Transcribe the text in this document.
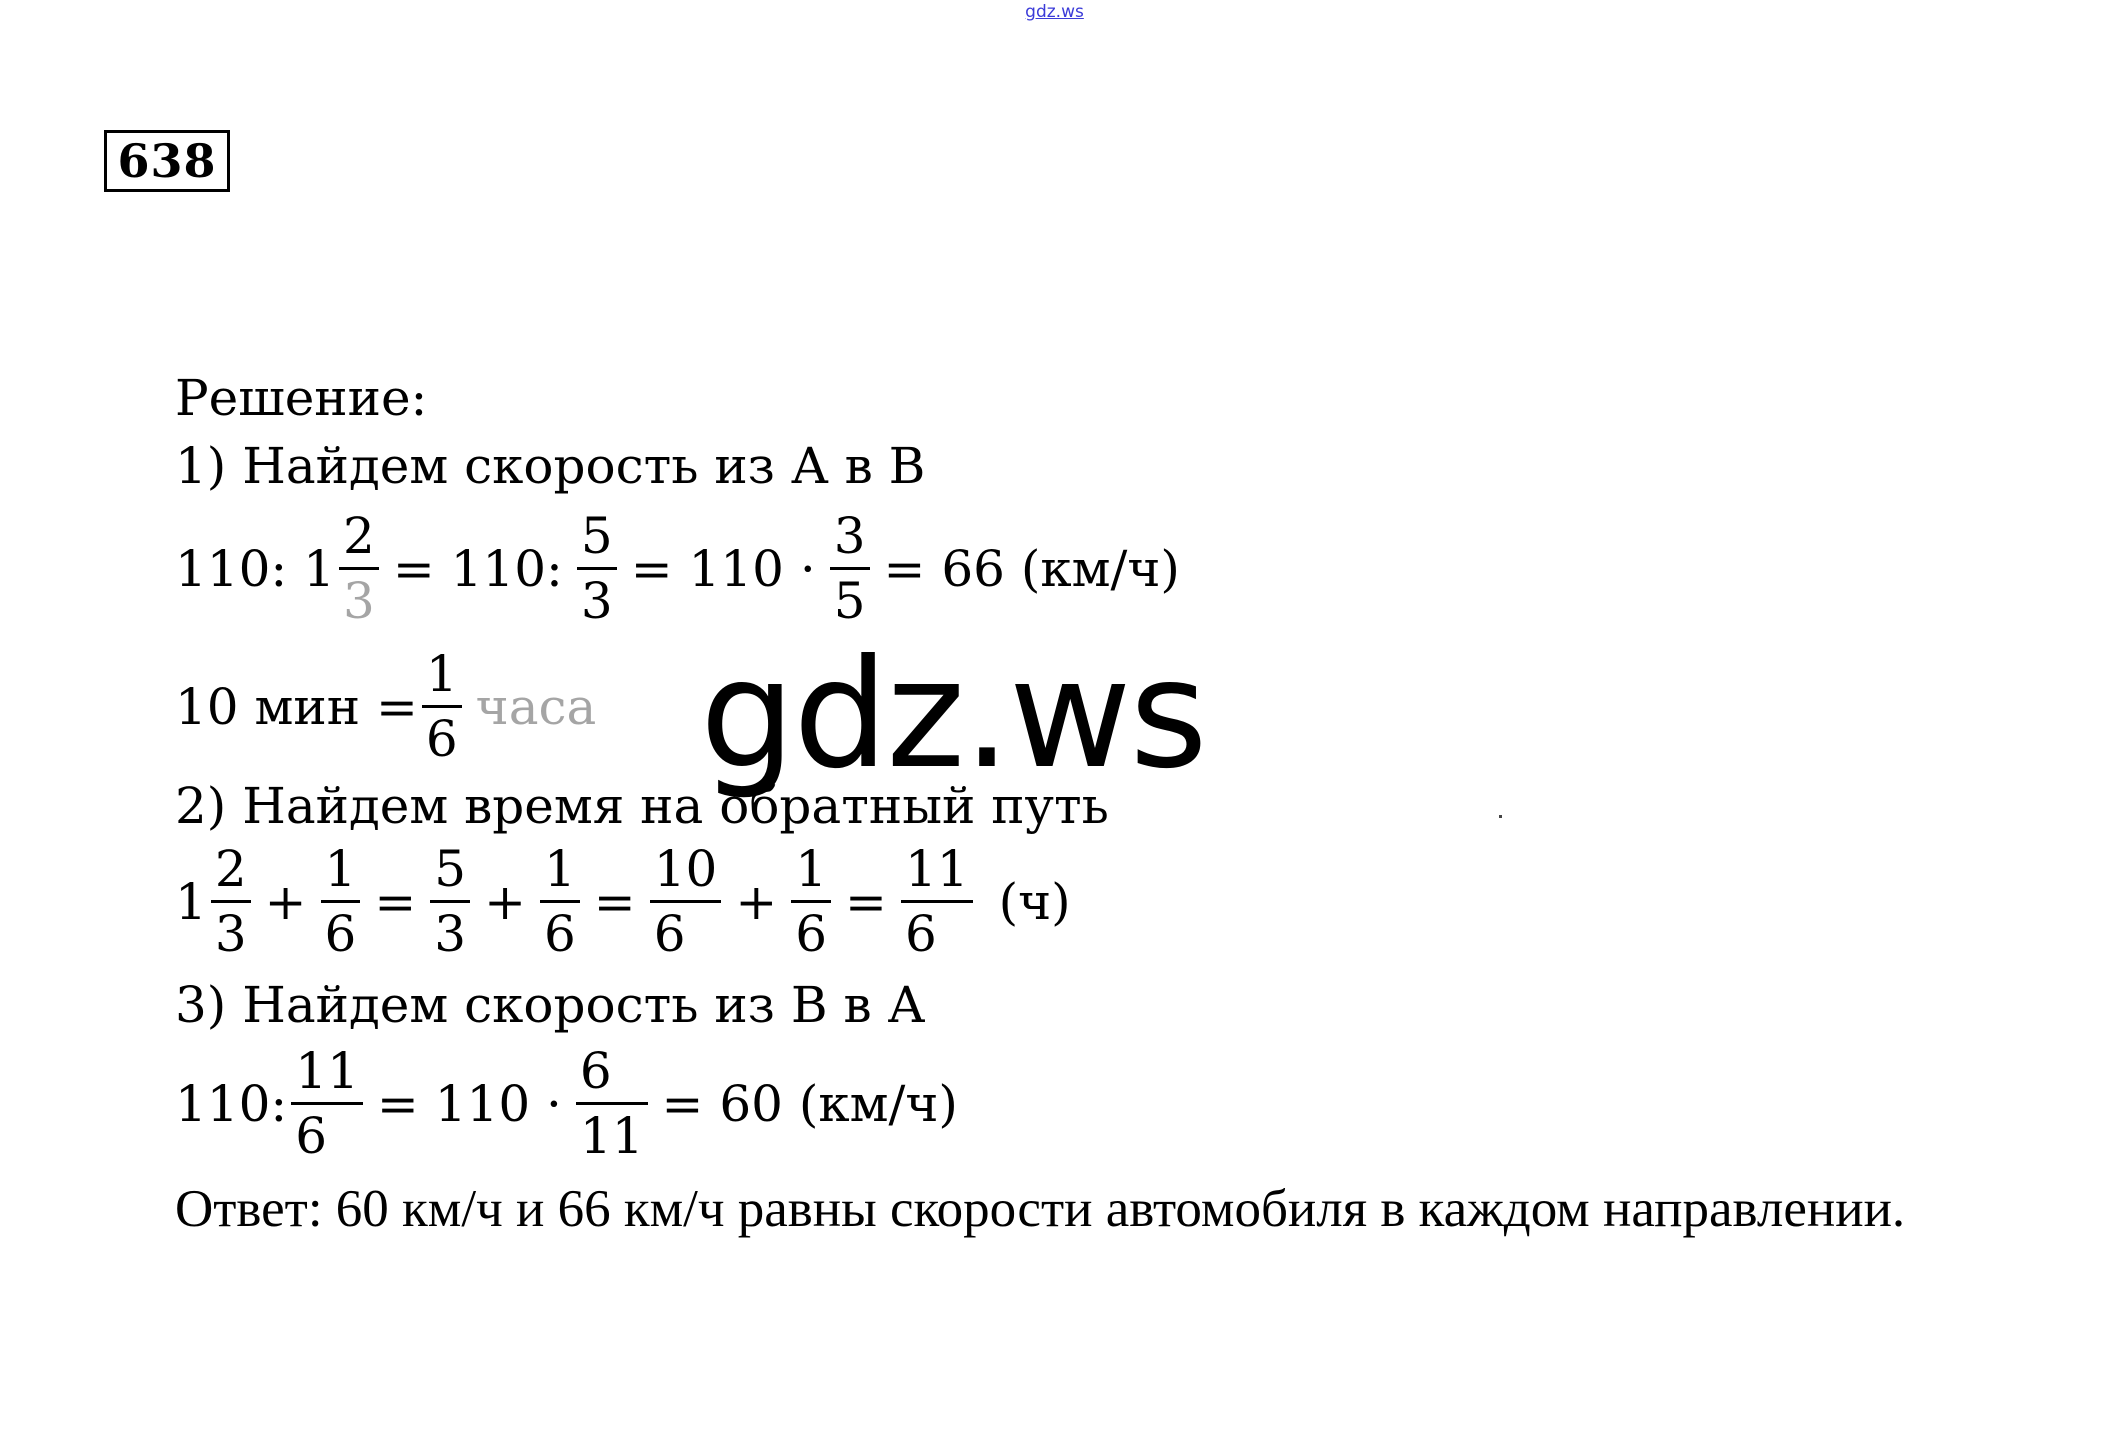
gdz.ws
638
Решение:
1) Найдем скорость из А в В
110: $1 \frac{2}{3} = 110$: $\frac{5}{3} = 110 \cdot \frac{3}{5} = 66$ (км/ч)
10 мин = $\frac{1}{6}$ часа
2) Найдем время на обратный путь
$1 \frac{2}{3} + \frac{1}{6} = \frac{5}{3} + \frac{1}{6} = \frac{10}{6} + \frac{1}{6} = \frac{11}{6} (ч)$
3) Найдем скорость из В в А
110: $\frac{11}{6} = 110 \cdot \frac{6}{11} = 60$ (км/ч)
Ответ: 60 км/ч и 66 км/ч равны скорости автомобиля в каждом направлении.
gdz.ws
